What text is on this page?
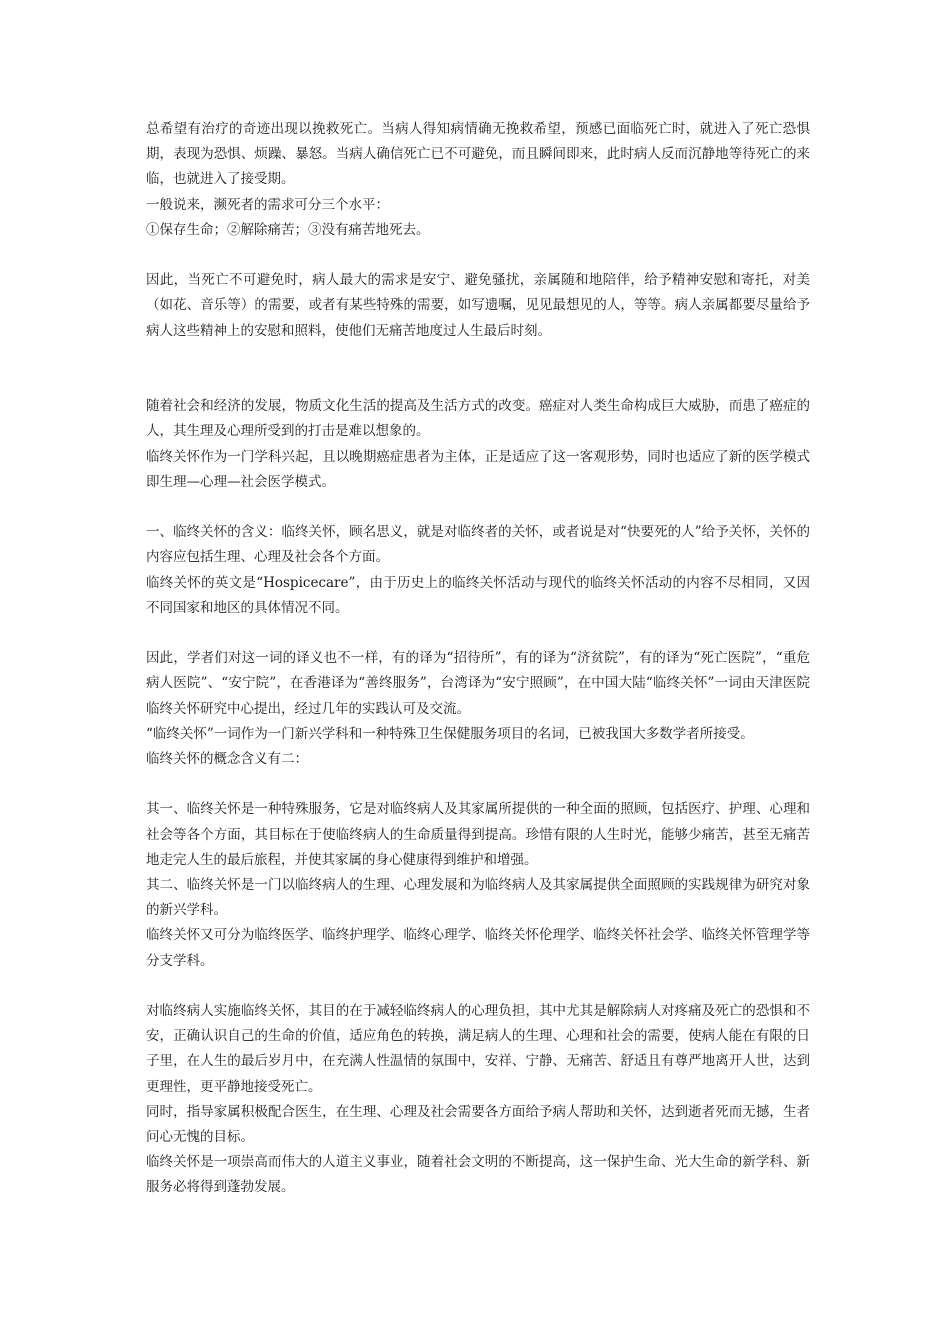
总希望有治疗的奇迹出现以挽救死亡。当病人得知病情确无挽救希望，预感已面临死亡时，就进入了死亡恐惧期，表现为恐惧、烦躁、暴怒。当病人确信死亡已不可避免，而且瞬间即来，此时病人反而沉静地等待死亡的来临，也就进入了接受期。

一般说来，濒死者的需求可分三个水平：

①保存生命；②解除痛苦；③没有痛苦地死去。

因此，当死亡不可避免时，病人最大的需求是安宁、避免骚扰，亲属随和地陪伴，给予精神安慰和寄托，对美（如花、音乐等）的需要，或者有某些特殊的需要，如写遗嘱，见见最想见的人，等等。病人亲属都要尽量给予病人这些精神上的安慰和照料，使他们无痛苦地度过人生最后时刻。

随着社会和经济的发展，物质文化生活的提高及生活方式的改变。癌症对人类生命构成巨大威胁，而患了癌症的人，其生理及心理所受到的打击是难以想象的。

临终关怀作为一门学科兴起，且以晚期癌症患者为主体，正是适应了这一客观形势，同时也适应了新的医学模式即生理—心理—社会医学模式。

一、临终关怀的含义：临终关怀，顾名思义，就是对临终者的关怀，或者说是对“快要死的人”给予关怀，关怀的内容应包括生理、心理及社会各个方面。

临终关怀的英文是“Hospicecare”，由于历史上的临终关怀活动与现代的临终关怀活动的内容不尽相同，又因不同国家和地区的具体情况不同。

因此，学者们对这一词的译义也不一样，有的译为“招待所”，有的译为“济贫院”，有的译为“死亡医院”，“重危病人医院”、“安宁院”，在香港译为“善终服务”，台湾译为“安宁照顾”，在中国大陆“临终关怀”一词由天津医院临终关怀研究中心提出，经过几年的实践认可及交流。

“临终关怀”一词作为一门新兴学科和一种特殊卫生保健服务项目的名词，已被我国大多数学者所接受。

临终关怀的概念含义有二：

其一、临终关怀是一种特殊服务，它是对临终病人及其家属所提供的一种全面的照顾，包括医疗、护理、心理和社会等各个方面，其目标在于使临终病人的生命质量得到提高。珍惜有限的人生时光，能够少痛苦，甚至无痛苦地走完人生的最后旅程，并使其家属的身心健康得到维护和增强。

其二、临终关怀是一门以临终病人的生理、心理发展和为临终病人及其家属提供全面照顾的实践规律为研究对象的新兴学科。

临终关怀又可分为临终医学、临终护理学、临终心理学、临终关怀伦理学、临终关怀社会学、临终关怀管理学等分支学科。

对临终病人实施临终关怀，其目的在于减轻临终病人的心理负担，其中尤其是解除病人对疼痛及死亡的恐惧和不安，正确认识自己的生命的价值，适应角色的转换，满足病人的生理、心理和社会的需要，使病人能在有限的日子里，在人生的最后岁月中，在充满人性温情的氛围中，安祥、宁静、无痛苦、舒适且有尊严地离开人世，达到更理性，更平静地接受死亡。

同时，指导家属积极配合医生，在生理、心理及社会需要各方面给予病人帮助和关怀，达到逝者死而无撼，生者问心无愧的目标。

临终关怀是一项崇高而伟大的人道主义事业，随着社会文明的不断提高，这一保护生命、光大生命的新学科、新服务必将得到蓬勃发展。
